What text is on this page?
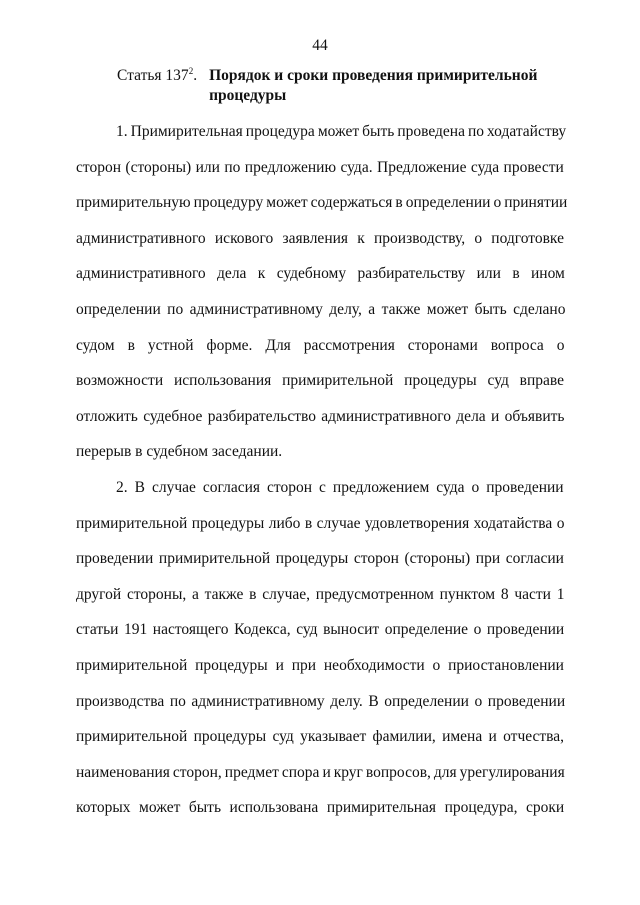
44
Статья $137^2$. Порядок и сроки проведения примирительной
процедуры
1. Примирительная процедура может быть проведена по ходатайству
сторон (стороны) или по предложению суда. Предложение суда провести
примирительную процедуру может содержаться в определении о принятии
административного искового заявления к производству, о подготовке
административного дела к судебному разбирательству или в ином
определении по административному делу, а также может быть сделано
судом в устной форме. Для рассмотрения сторонами вопроса о
возможности использования примирительной процедуры суд вправе
отложить судебное разбирательство административного дела и объявить
перерыв в судебном заседании.
2. В случае согласия сторон с предложением суда о проведении
примирительной процедуры либо в случае удовлетворения ходатайства о
проведении примирительной процедуры сторон (стороны) при согласии
другой стороны, а также в случае, предусмотренном пунктом 8 части 1
статьи 191 настоящего Кодекса, суд выносит определение о проведении
примирительной процедуры и при необходимости о приостановлении
производства по административному делу. В определении о проведении
примирительной процедуры суд указывает фамилии, имена и отчества,
наименования сторон, предмет спора и круг вопросов, для урегулирования
которых может быть использована примирительная процедура, сроки
